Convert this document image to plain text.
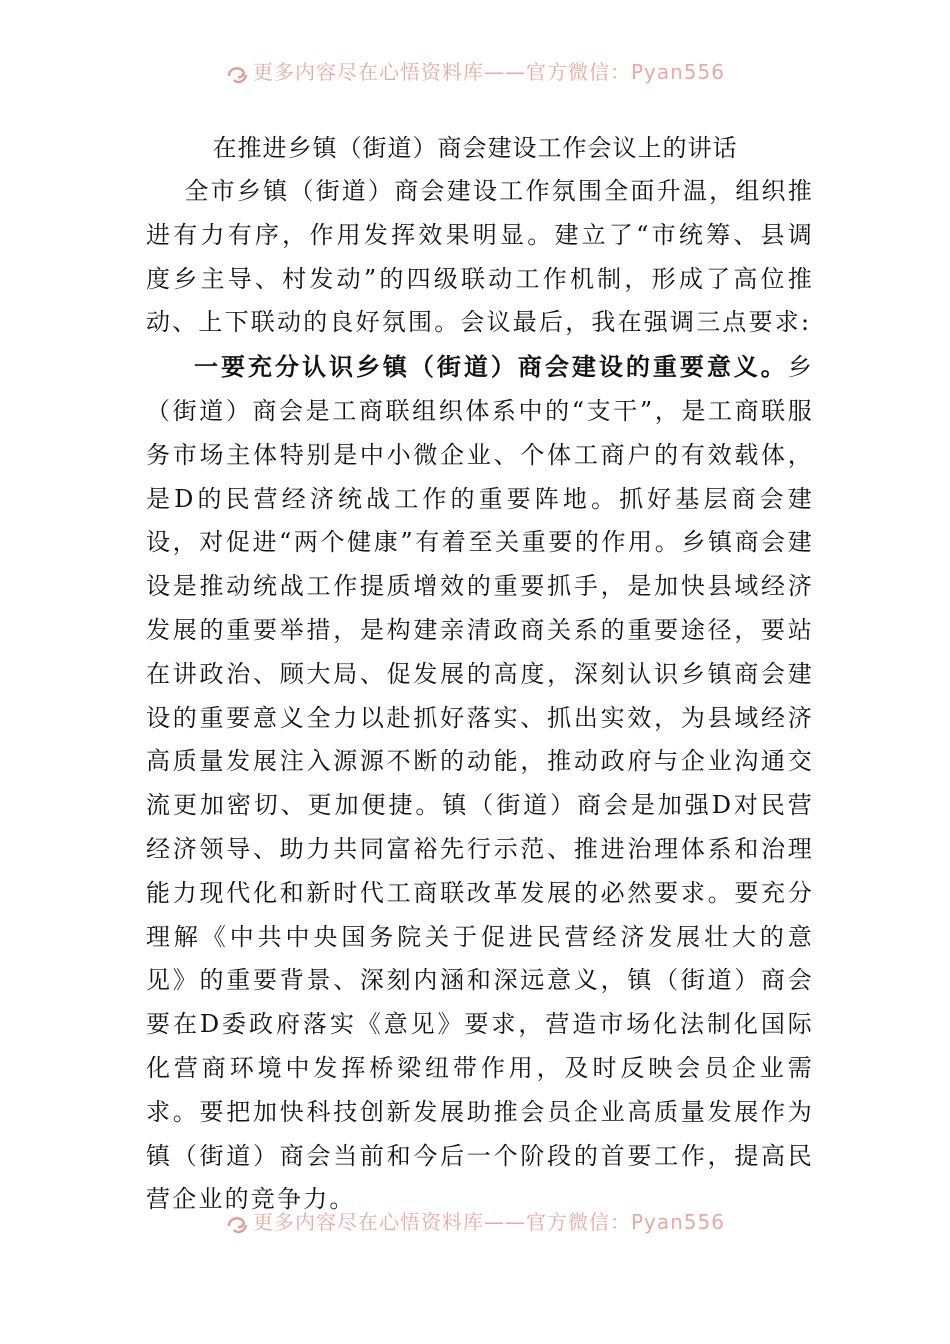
更多内容尽在心悟资料库——官方微信：Pyan556
在推进乡镇（街道）商会建设工作会议上的讲话

全市乡镇（街道）商会建设工作氛围全面升温，组织推进有力有序，作用发挥效果明显。建立了“市统筹、县调度乡主导、村发动”的四级联动工作机制，形成了高位推动、上下联动的良好氛围。会议最后，我在强调三点要求:

一要充分认识乡镇（街道）商会建设的重要意义。乡（街道）商会是工商联组织体系中的“支干”，是工商联服务市场主体特别是中小微企业、个体工商户的有效载体，是D的民营经济统战工作的重要阵地。抓好基层商会建设，对促进“两个健康”有着至关重要的作用。乡镇商会建设是推动统战工作提质增效的重要抓手，是加快县域经济发展的重要举措，是构建亲清政商关系的重要途径，要站在讲政治、顾大局、促发展的高度，深刻认识乡镇商会建设的重要意义全力以赴抓好落实、抓出实效，为县域经济高质量发展注入源源不断的动能，推动政府与企业沟通交流更加密切、更加便捷。镇（街道）商会是加强D对民营经济领导、助力共同富裕先行示范、推进治理体系和治理能力现代化和新时代工商联改革发展的必然要求。要充分理解《中共中央国务院关于促进民营经济发展壮大的意见》的重要背景、深刻内涵和深远意义，镇（街道）商会要在D委政府落实《意见》要求，营造市场化法制化国际化营商环境中发挥桥梁纽带作用，及时反映会员企业需求。要把加快科技创新发展助推会员企业高质量发展作为镇（街道）商会当前和今后一个阶段的首要工作，提高民营企业的竞争力。

更多内容尽在心悟资料库——官方微信：Pyan556
